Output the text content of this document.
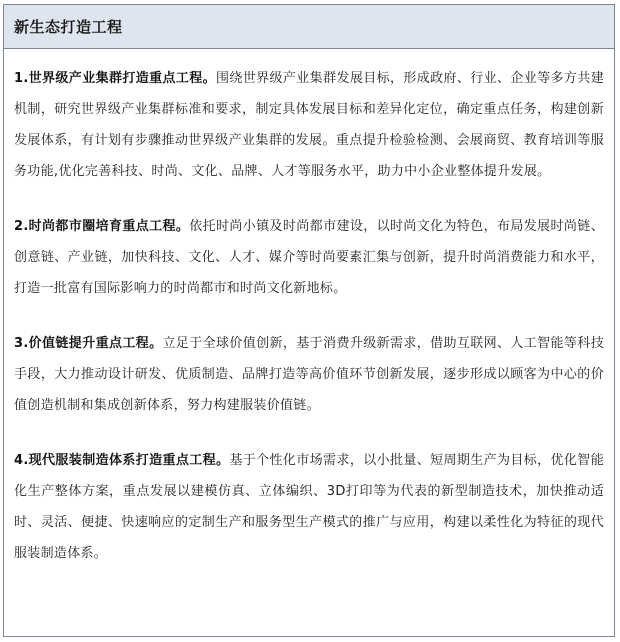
新生态打造工程

1.世界级产业集群打造重点工程。围绕世界级产业集群发展目标，形成政府、行业、企业等多方共建机制，研究世界级产业集群标准和要求，制定具体发展目标和差异化定位，确定重点任务，构建创新发展体系，有计划有步骤推动世界级产业集群的发展。重点提升检验检测、会展商贸、教育培训等服务功能,优化完善科技、时尚、文化、品牌、人才等服务水平，助力中小企业整体提升发展。

2.时尚都市圈培育重点工程。依托时尚小镇及时尚都市建设，以时尚文化为特色，布局发展时尚链、创意链、产业链，加快科技、文化、人才、媒介等时尚要素汇集与创新，提升时尚消费能力和水平，打造一批富有国际影响力的时尚都市和时尚文化新地标。

3.价值链提升重点工程。立足于全球价值创新，基于消费升级新需求，借助互联网、人工智能等科技手段，大力推动设计研发、优质制造、品牌打造等高价值环节创新发展，逐步形成以顾客为中心的价值创造机制和集成创新体系，努力构建服装价值链。

4.现代服装制造体系打造重点工程。基于个性化市场需求，以小批量、短周期生产为目标，优化智能化生产整体方案，重点发展以建模仿真、立体编织、3D打印等为代表的新型制造技术，加快推动适时、灵活、便捷、快速响应的定制生产和服务型生产模式的推广与应用，构建以柔性化为特征的现代服装制造体系。
